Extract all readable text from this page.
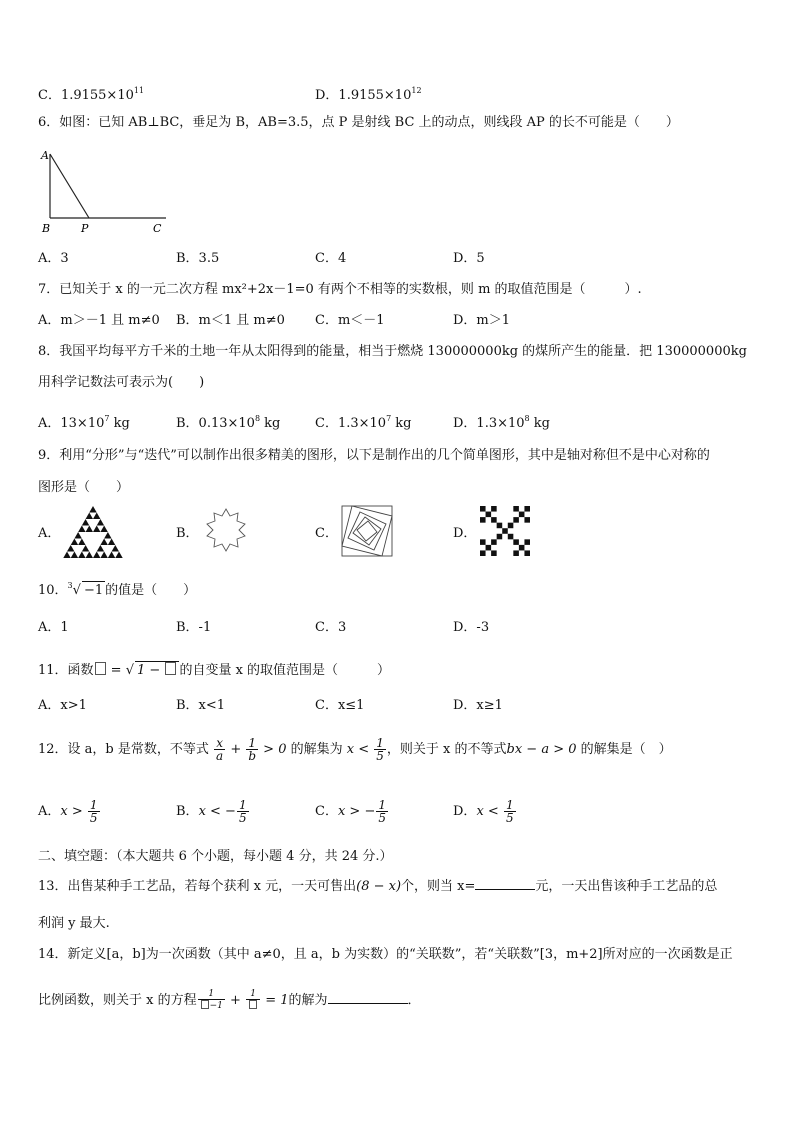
C．$1.9155\times 10^{11}$	D．$1.9155\times 10^{12}$
6．如图：已知 AB⊥BC，垂足为 B，AB=3.5，点 P 是射线 BC 上的动点，则线段 AP 的长不可能是（　　）
A
B	P	C
A．3	B．3.5	C．4	D．5
7．已知关于 x 的一元二次方程 mx²+2x－1=0 有两个不相等的实数根，则 m 的取值范围是（　　　）.
A．m＞－1 且 m≠0 B．m＜1 且 m≠0 C．m＜－1	D．m＞1
8．我国平均每平方千米的土地一年从太阳得到的能量，相当于燃烧 130000000kg 的煤所产生的能量．把 130000000kg
用科学记数法可表示为(　　)
A．$13\times 10^7$ kg	B．$0.13\times 10^8$ kg	C．$1.3\times 10^7$ kg	D．$1.3\times 10^8$ kg
9．利用“分形”与“迭代”可以制作出很多精美的图形，以下是制作出的几个简单图形，其中是轴对称但不是中心对称的
图形是（　　）
A．	B．	C．	D．
10．$^3$√ −1 的值是（　　）
A．1	B．-1	C．3	D．-3
11．函数 = √ 1 − 的自变量 x 的取值范围是（　　　）
A．x>1	B．x<1	C．x≤1	D．x≥1
12．设 a，b 是常数，不等式 $\frac{x}{a} + \frac{1}{b} > 0$ 的解集为 $x < \frac{1}{5}$ ，则关于 x 的不等式bx − a > 0 的解集是（　）
A．$x > \frac{1}{5}$	B．x < − $\frac{1}{5}$	C．x > − $\frac{1}{5}$	D．$x < \frac{1}{5}$
二、填空题：（本大题共 6 个小题，每小题 4 分，共 24 分.）
13．出售某种手工艺品，若每个获利 x 元，一天可售出(8 − x)个，则当 x=	元，一天出售该种手工艺品的总
利润 y 最大.
14．新定义[a，b]为一次函数（其中 a≠0，且 a，b 为实数）的“关联数”，若“关联数”[3，m+2]所对应的一次函数是正
比例函数，则关于 x 的方程 $\frac{1}{-1} + 1 = 1$的解为	．
